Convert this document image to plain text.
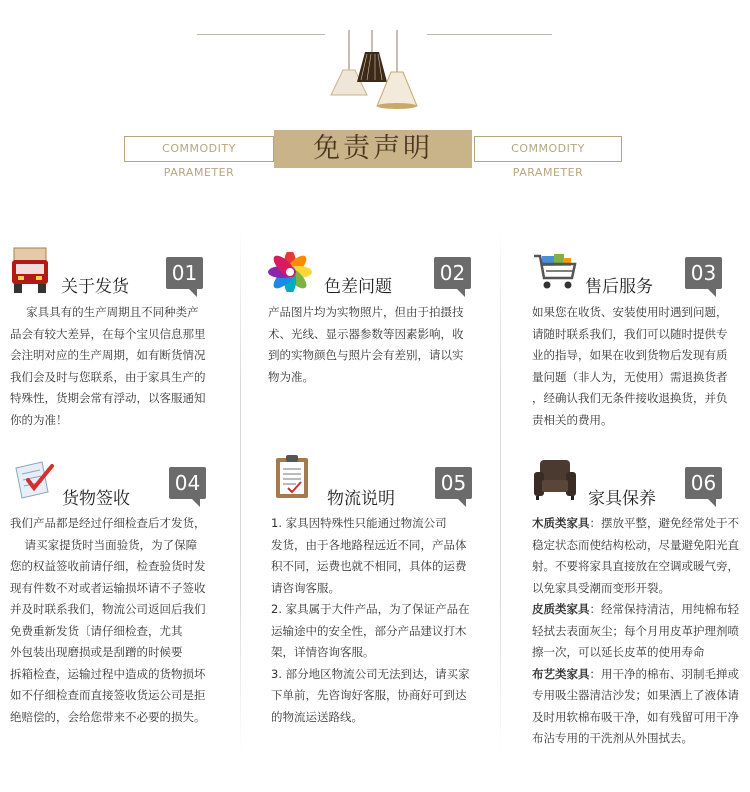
COMMODITY PARAMETER
免责声明	COMMODITY PARAMETER
关于发货
01

家具具有的生产周期且不同种类产

品会有较大差异，在每个宝贝信息那里

会注明对应的生产周期，如有断货情况

我们会及时与您联系，由于家具生产的

特殊性，货期会常有浮动，以客服通知

你的为准！

色差问题
02

产品图片均为实物照片，但由于拍摄技

术、光线、显示器参数等因素影响，收

到的实物颜色与照片会有差别，请以实

物为准。

售后服务
03

如果您在收货、安装使用时遇到问题，

请随时联系我们，我们可以随时提供专

业的指导，如果在收到货物后发现有质

量问题（非人为，无使用）需退换货者

，经确认我们无条件接收退换货，并负

责相关的费用。

货物签收
04

我们产品都是经过仔细检查后才发货，

请买家提货时当面验货，为了保障

您的权益签收前请仔细，检查验货时发

现有件数不对或者运输损坏请不子签收

并及时联系我们，物流公司返回后我们

免费重新发货〔请仔细检查，尤其

外包装出现磨损或是刮蹭的时候要

拆箱检查，运输过程中造成的货物损坏

如不仔细检查而直接签收货运公司是拒

绝赔偿的，会给您带来不必要的损失。

物流说明
05

1. 家具因特殊性只能通过物流公司

发货，由于各地路程远近不同，产品体

积不同，运费也就不相同，具体的运费

请咨询客服。

2. 家具属于大件产品，为了保证产品在

运输途中的安全性，部分产品建议打木

架，详情咨询客服。

3. 部分地区物流公司无法到达，请买家

下单前，先咨询好客服，协商好可到达

的物流运送路线。

家具保养
06

木质类家具：摆放平整，避免经常处于不稳定状态而使结构松动，尽量避免阳光直射。不要将家具直接放在空调或暖气旁，以免家具受潮而变形开裂。

皮质类家具：经常保持清洁，用纯棉布轻轻拭去表面灰尘；每个月用皮革护理剂喷擦一次，可以延长皮革的使用寿命

布艺类家具：用干净的棉布、羽制毛掸或专用吸尘器清洁沙发；如果洒上了液体请及时用软棉布吸干净，如有残留可用干净布沾专用的干洗剂从外围拭去。
